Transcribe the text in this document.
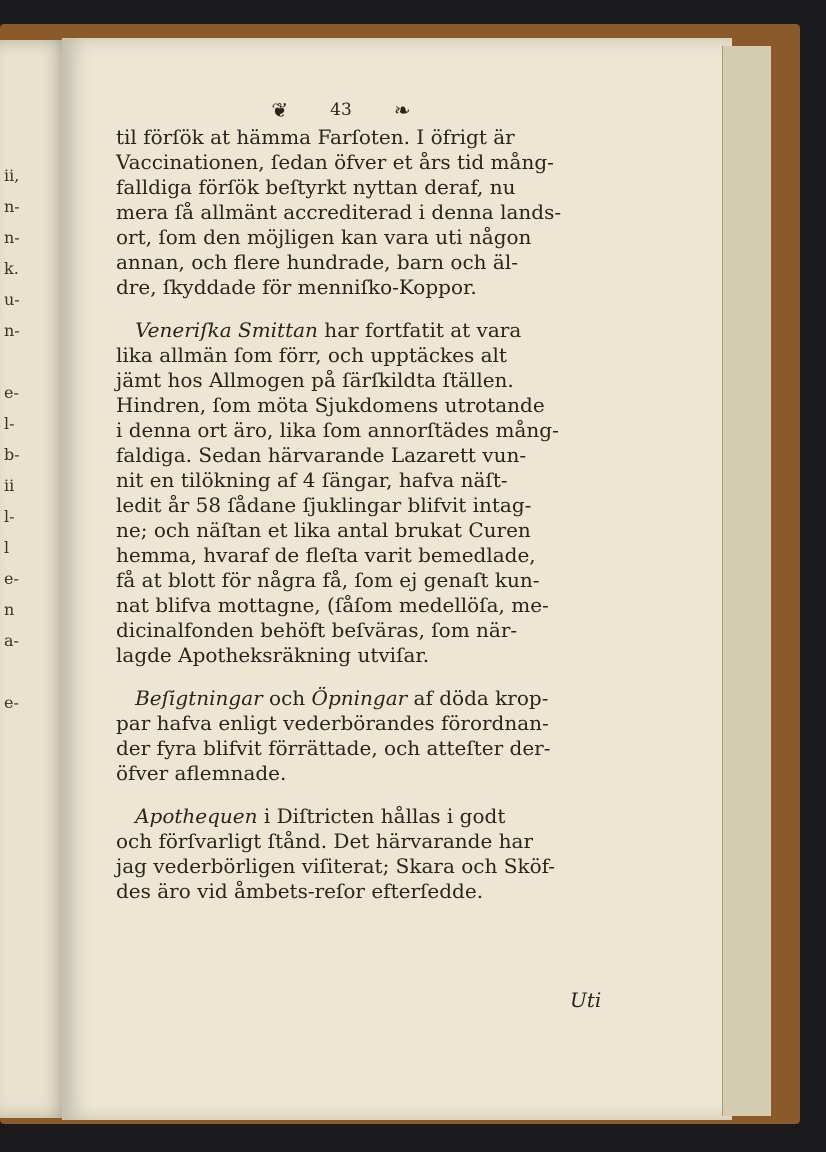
ii,
n-
n-
k.
u-
n-

e-
l-
b-
ii
l-
l
e-
n
a-

e-
❦ 43 ❧
til förſök at hämma Farſoten. I öfrigt är
Vaccinationen, ſedan öfver et års tid mång-
falldiga förſök beſtyrkt nyttan deraf, nu
mera ſå allmänt accrediterad i denna lands-
ort, ſom den möjligen kan vara uti någon
annan, och flere hundrade, barn och äl-
dre, ſkyddade för menniſko-Koppor.
Veneriſka Smittan har fortfatit at vara
lika allmän ſom förr, och upptäckes alt
jämt hos Allmogen på ſärſkildta ſtällen.
Hindren, ſom möta Sjukdomens utrotande
i denna ort äro, lika ſom annorſtädes mång-
faldiga. Sedan härvarande Lazarett vun-
nit en tilökning af 4 ſängar, hafva näſt-
ledit år 58 ſådane ſjuklingar blifvit intag-
ne; och näſtan et lika antal brukat Curen
hemma, hvaraf de fleſta varit bemedlade,
få at blott för några få, ſom ej genaſt kun-
nat blifva mottagne, (ſåſom medellöſa, me-
dicinalfonden behöft beſväras, ſom när-
lagde Apotheksräkning utviſar.
Beſigtningar och Öpningar af döda krop-
par hafva enligt vederbörandes förordnan-
der fyra blifvit förrättade, och atteſter der-
öfver aflemnade.
Apothequen i Diſtricten hållas i godt
och förſvarligt ſtånd. Det härvarande har
jag vederbörligen viſiterat; Skara och Sköf-
des äro vid åmbets-reſor efterſedde.
Uti
